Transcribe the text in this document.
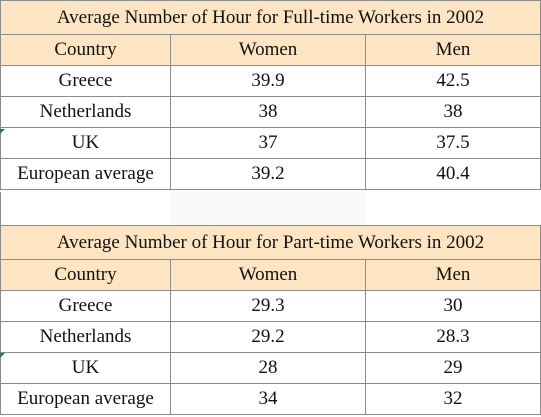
Average Number of Hour for Full-time Workers in 2002		
Country	Women	Men
Greece	39.9	42.5
Netherlands	38	38
UK	37	37.5
European average	39.2	40.4
Average Number of Hour for Part-time Workers in 2002		
Country	Women	Men
Greece	29.3	30
Netherlands	29.2	28.3
UK	28	29
European average	34	32
